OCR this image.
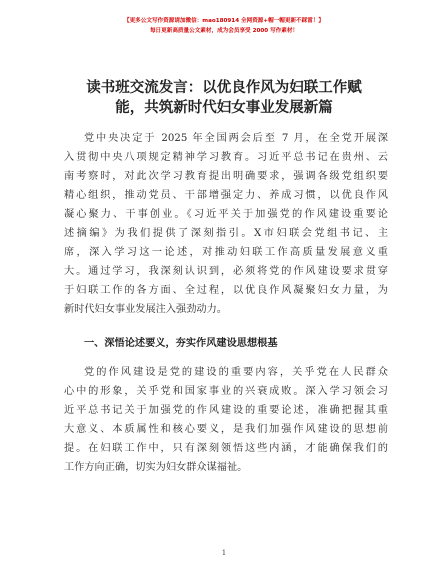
【更多公文写作资源请加微信：mao180914 全网资源+帽一帽更新不踩雷！】
每日更新高质量公文素材，成为会员享受 2000 写作素材！
读书班交流发言：以优良作风为妇联工作赋
能，共筑新时代妇女事业发展新篇
党中央决定于 2025 年全国两会后至 7 月，在全党开展深
入贯彻中央八项规定精神学习教育。习近平总书记在贵州、云
南考察时，对此次学习教育提出明确要求，强调各级党组织要
精心组织，推动党员、干部增强定力、养成习惯，以优良作风
凝心聚力、干事创业。《习近平关于加强党的作风建设重要论
述摘编》为我们提供了深刻指引。X市妇联会党组书记、主
席，深入学习这一论述，对推动妇联工作高质量发展意义重
大。通过学习，我深刻认识到，必须将党的作风建设要求贯穿
于妇联工作的各方面、全过程，以优良作风凝聚妇女力量，为
新时代妇女事业发展注入强劲动力。
一、深悟论述要义，夯实作风建设思想根基
党的作风建设是党的建设的重要内容，关乎党在人民群众
心中的形象，关乎党和国家事业的兴衰成败。深入学习领会习
近平总书记关于加强党的作风建设的重要论述，准确把握其重
大意义、本质属性和核心要义，是我们加强作风建设的思想前
提。在妇联工作中，只有深刻领悟这些内涵，才能确保我们的
工作方向正确，切实为妇女群众谋福祉。
1
